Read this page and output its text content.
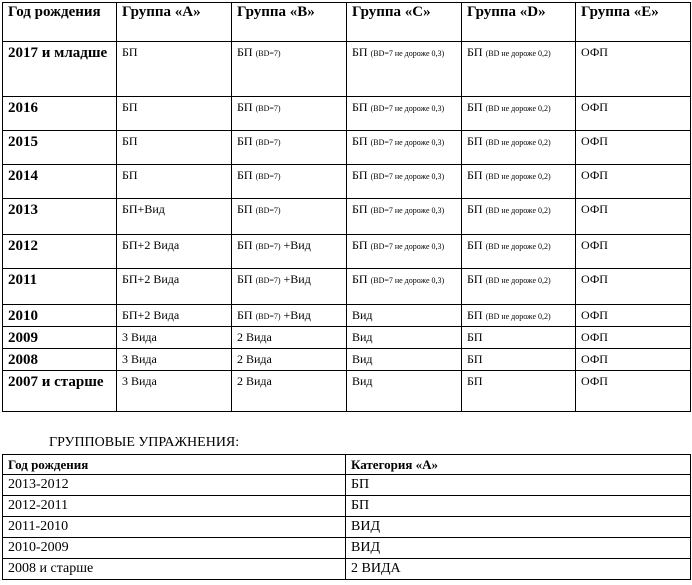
Год рождения	Группа «А»	Группа «В»	Группа «С»	Группа «D»	Группа «Е»
2017 и младше	БП	БП (BD=7)	БП (BD=7 не дороже 0,3)	БП (BD не дороже 0,2)	ОФП
2016	БП	БП (BD=7)	БП (BD=7 не дороже 0,3)	БП (BD не дороже 0,2)	ОФП
2015	БП	БП (BD=7)	БП (BD=7 не дороже 0,3)	БП (BD не дороже 0,2)	ОФП
2014	БП	БП (BD=7)	БП (BD=7 не дороже 0,3)	БП (BD не дороже 0,2)	ОФП
2013	БП+Вид	БП (BD=7)	БП (BD=7 не дороже 0,3)	БП (BD не дороже 0,2)	ОФП
2012	БП+2 Вида	БП (BD=7) +Вид	БП (BD=7 не дороже 0,3)	БП (BD не дороже 0,2)	ОФП
2011	БП+2 Вида	БП (BD=7) +Вид	БП (BD=7 не дороже 0,3)	БП (BD не дороже 0,2)	ОФП
2010	БП+2 Вида	БП (BD=7) +Вид	Вид	БП (BD не дороже 0,2)	ОФП
2009	3 Вида	2 Вида	Вид	БП	ОФП
2008	3 Вида	2 Вида	Вид	БП	ОФП
2007 и старше	3 Вида	2 Вида	Вид	БП	ОФП

ГРУППОВЫЕ УПРАЖНЕНИЯ:

Год рождения	Категория «А»
2013-2012	БП
2012-2011	БП
2011-2010	ВИД
2010-2009	ВИД
2008 и старше	2 ВИДА
